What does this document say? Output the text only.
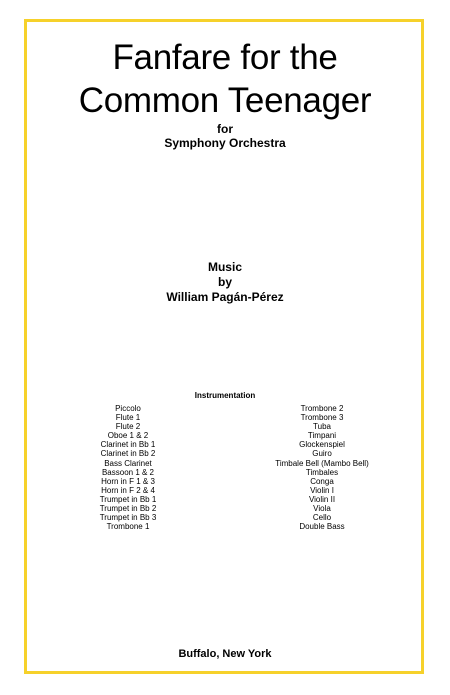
Fanfare for the
Common Teenager
for
Symphony Orchestra
Music
by
William Pagán-Pérez
Instrumentation
Piccolo
Flute 1
Flute 2
Oboe 1 & 2
Clarinet in Bb 1
Clarinet in Bb 2
Bass Clarinet
Bassoon 1 & 2
Horn in F 1 & 3
Horn in F 2 & 4
Trumpet in Bb 1
Trumpet in Bb 2
Trumpet in Bb 3
Trombone 1
Trombone 2
Trombone 3
Tuba
Timpani
Glockenspiel
Guiro
Timbale Bell (Mambo Bell)
Timbales
Conga
Violin I
Violin II
Viola
Cello
Double Bass
Buffalo, New York
